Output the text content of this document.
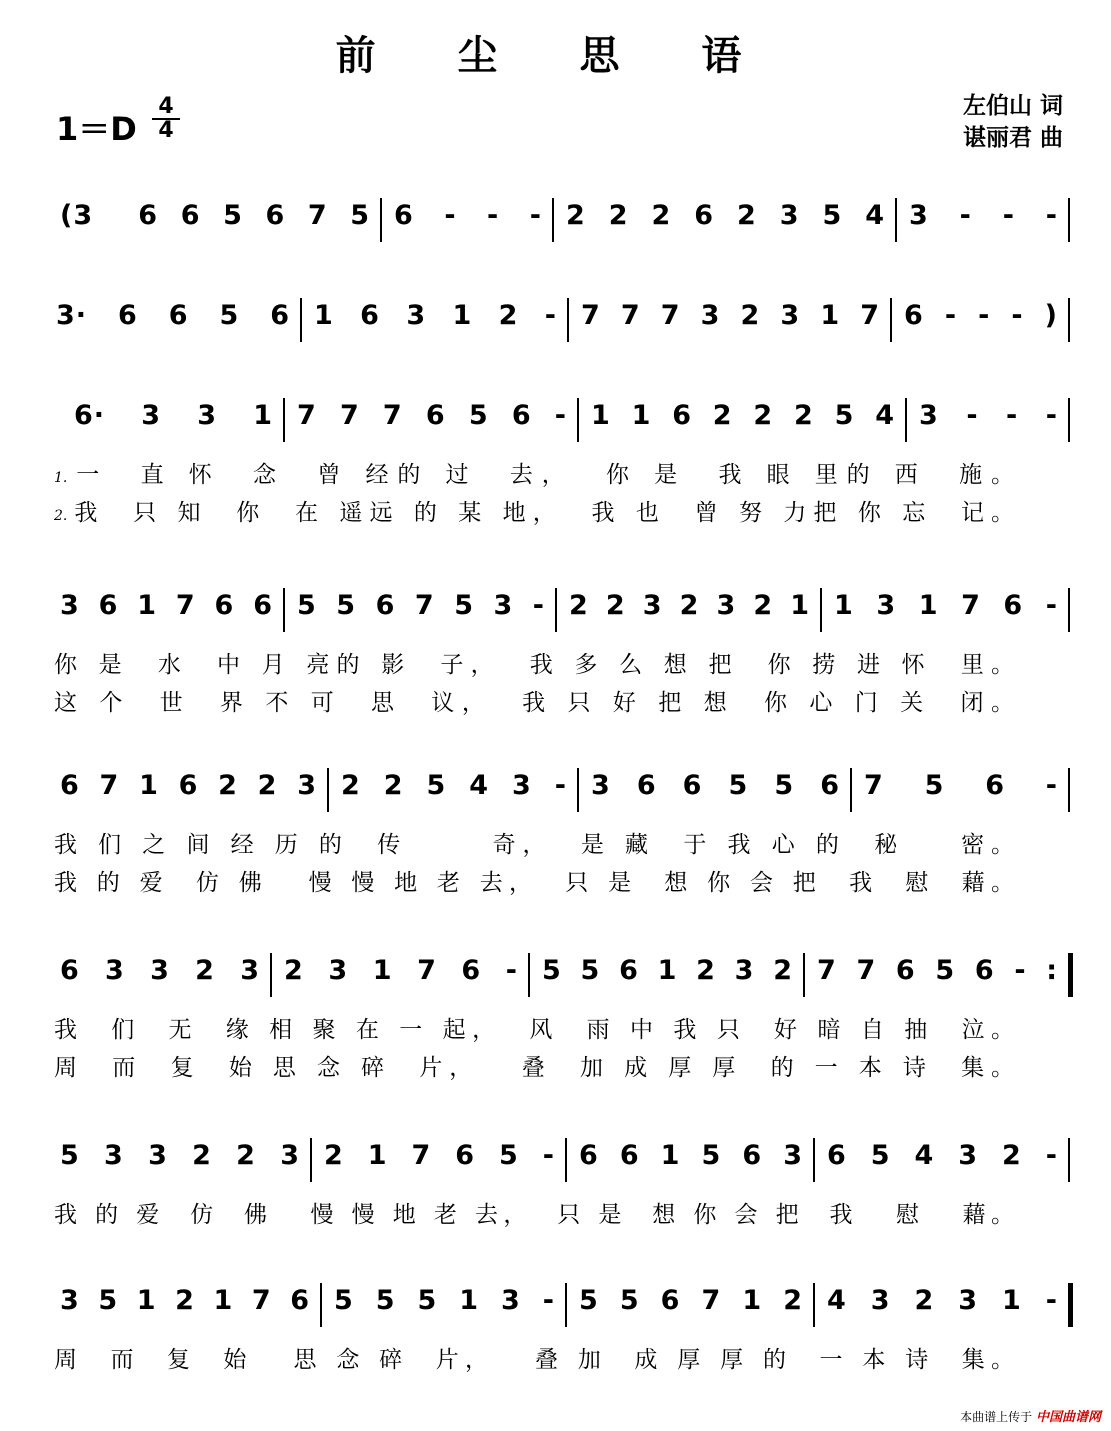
前 尘 思 语
$1=D \frac{4}{4}$	左伯山 词
谌丽君 曲
(3  6 6 5 6 7 5 6 - - - 2 2 2 6 2 3 5 4 3 - - -
3· 6 6 5 6 1 6 3 1 2 - 7 7 7 3 2 3 1 7 6 - - - )
6· 3 3 1 7 7 7 6 5 6 - 1 1 6 2 2 2 5 4 3 - - -
1.一  直 怀  念  曾 经的 过  去，  你 是  我 眼 里的 西  施。
2.我  只 知  你  在 遥远 的 某 地，  我 也  曾 努 力把 你 忘  记。
3 6 1 7 6 6 5 5 6 7 5 3 - 2 2 3 2 3 2 1 1 3 1 7 6 -
你 是  水  中 月 亮的 影  子，  我 多 么 想 把  你 捞 进 怀  里。
这 个  世  界 不 可  思  议，  我 只 好 把 想  你 心 门 关  闭。
6 7 1 6 2 2 3 2 2 5 4 3 - 3 6 6 5 5 6 7 5 6 -
我 们 之 间 经 历 的  传      奇，  是 藏  于 我 心 的  秘    密。
我 的 爱  仿 佛   慢 慢 地 老 去，  只 是  想 你 会 把  我  慰  藉。
6 3 3 2 3 2 3 1 7 6 - 5 5 6 1 2 3 2 7 7 6 5 6 - :
我  们  无  缘 相 聚 在 一 起，  风  雨 中 我 只  好 暗 自 抽  泣。
周  而  复  始 思 念 碎  片，   叠  加 成 厚 厚  的 一 本 诗  集。
5 3 3 2 2 3 2 1 7 6 5 - 6 6 1 5 6 3 6 5 4 3 2 -
我 的 爱  仿  佛   慢 慢 地 老 去，  只 是  想 你 会 把  我   慰   藉。
3 5 1 2 1 7 6 5 5 5 1 3 - 5 5 6 7 1 2 4 3 2 3 1 -
周  而  复  始   思 念 碎  片，   叠 加  成 厚 厚 的  一 本 诗  集。
本曲谱上传于 中国曲谱网
